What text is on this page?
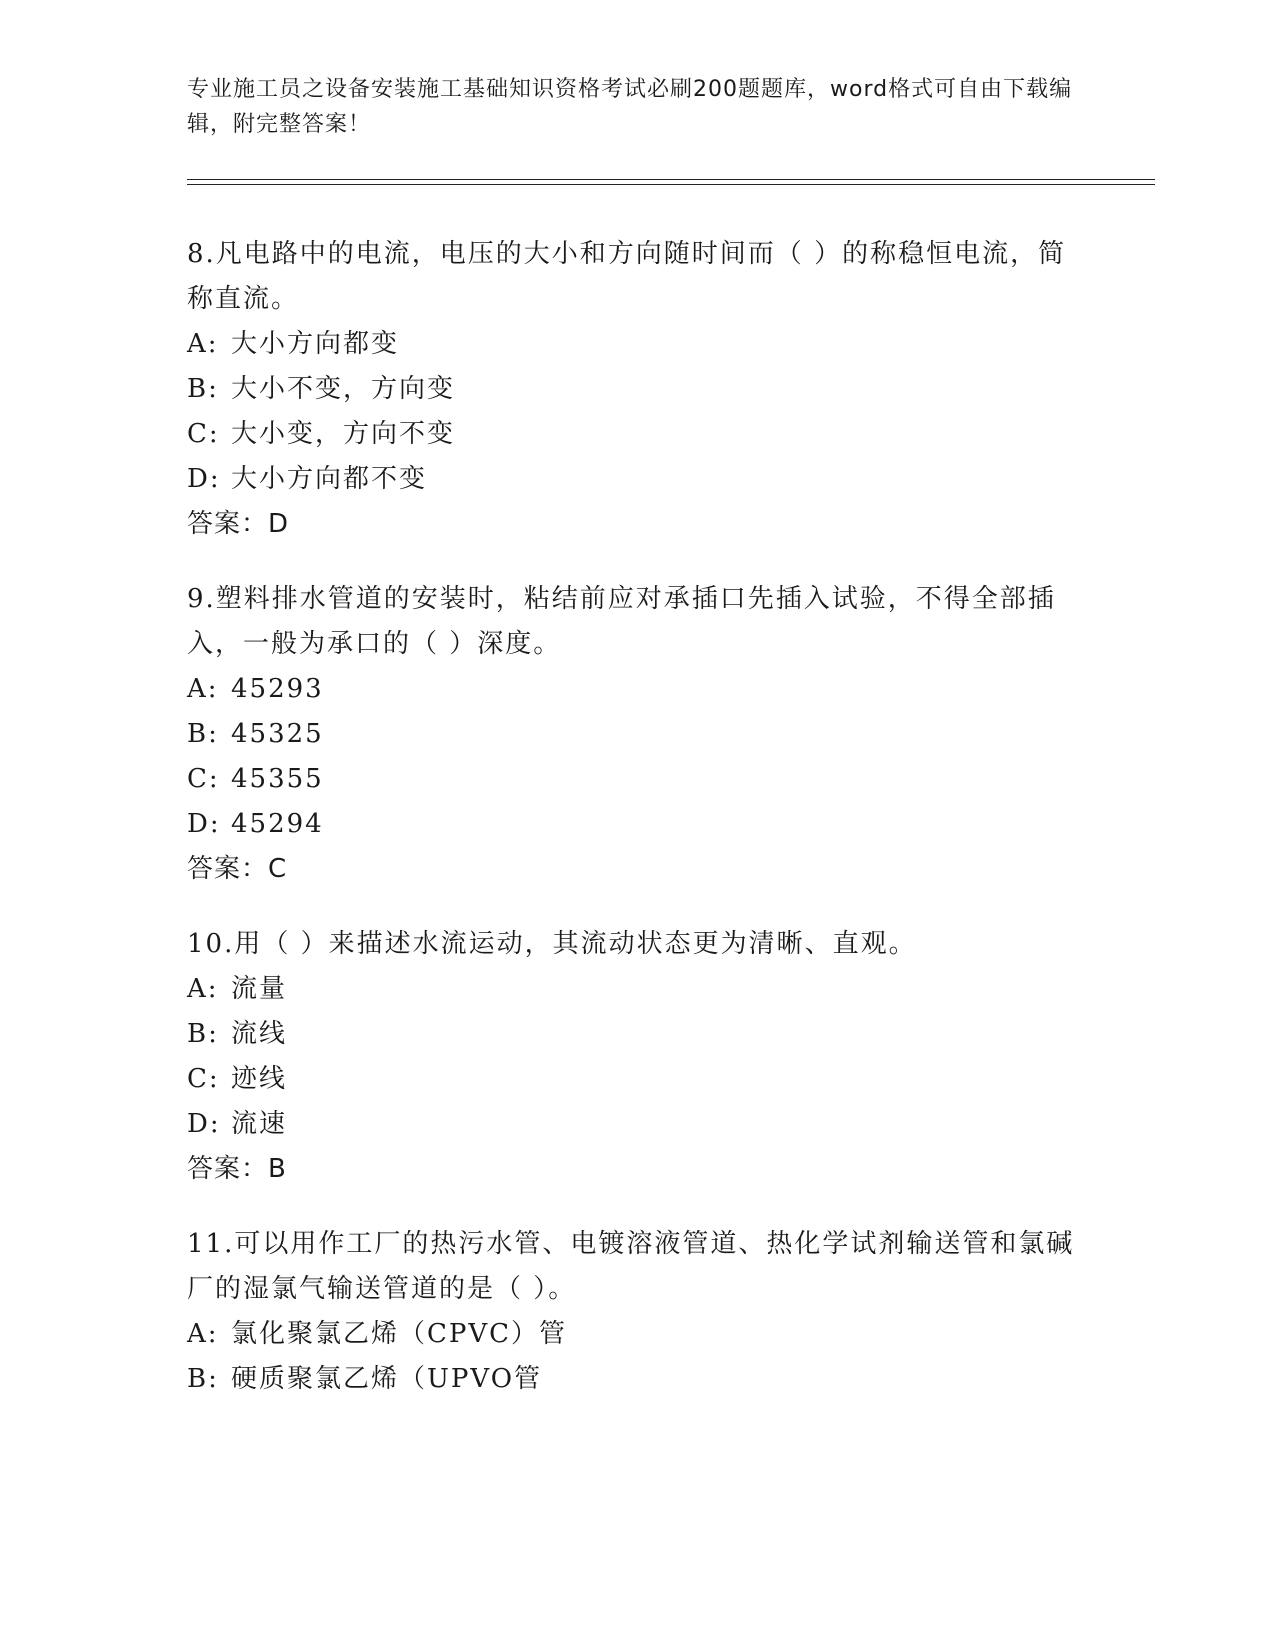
专业施工员之设备安装施工基础知识资格考试必刷200题题库，word格式可自由下载编辑，附完整答案！

8.凡电路中的电流，电压的大小和方向随时间而（ ）的称稳恒电流，简称直流。

A: 大小方向都变

B: 大小不变，方向变

C: 大小变，方向不变

D: 大小方向都不变

答案：D

9.塑料排水管道的安装时，粘结前应对承插口先插入试验，不得全部插入，一般为承口的（ ）深度。

A: 45293

B: 45325

C: 45355

D: 45294

答案：C

10.用（ ）来描述水流运动，其流动状态更为清晰、直观。

A: 流量

B: 流线

C: 迹线

D: 流速

答案：B

11.可以用作工厂的热污水管、电镀溶液管道、热化学试剂输送管和氯碱厂的湿氯气输送管道的是（ ）。

A: 氯化聚氯乙烯（CPVC）管

B: 硬质聚氯乙烯（UPVO管
